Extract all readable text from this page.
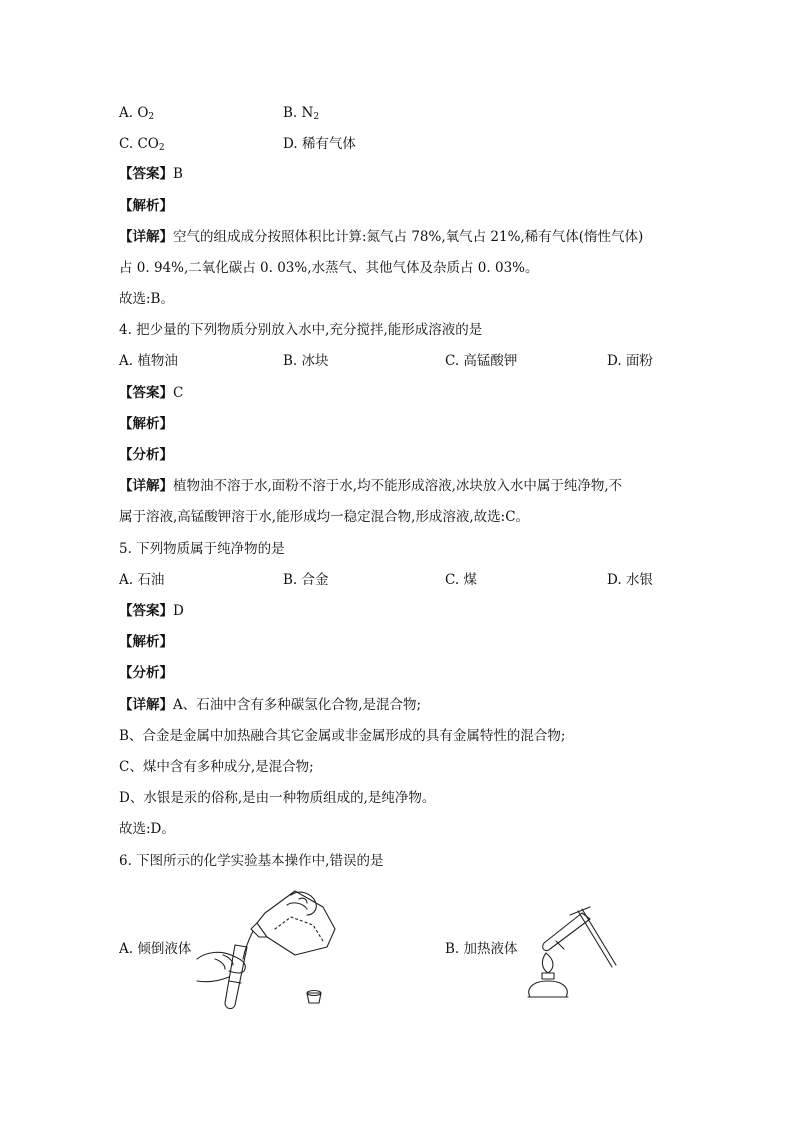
A. $O_2$	B. $N_2$
C. $CO_2$	D. 稀有气体
【答案】B
【解析】
【详解】空气的组成成分按照体积比计算:氮气占 78%,氧气占 21%,稀有气体(惰性气体)
占 0. 94%,二氧化碳占 0. 03%,水蒸气、其他气体及杂质占 0. 03%。
故选:B。
4. 把少量的下列物质分别放入水中,充分搅拌,能形成溶液的是
A. 植物油	B. 冰块	C. 高锰酸钾	D. 面粉
【答案】C
【解析】
【分析】
【详解】植物油不溶于水,面粉不溶于水,均不能形成溶液,冰块放入水中属于纯净物,不
属于溶液,高锰酸钾溶于水,能形成均一稳定混合物,形成溶液,故选:C。
5. 下列物质属于纯净物的是
A. 石油	B. 合金	C. 煤	D. 水银
【答案】D
【解析】
【分析】
【详解】A、石油中含有多种碳氢化合物,是混合物;
B、合金是金属中加热融合其它金属或非金属形成的具有金属特性的混合物;
C、煤中含有多种成分,是混合物;
D、水银是汞的俗称,是由一种物质组成的,是纯净物。
故选:D。
6. 下图所示的化学实验基本操作中,错误的是
A. 倾倒液体	B. 加热液体
